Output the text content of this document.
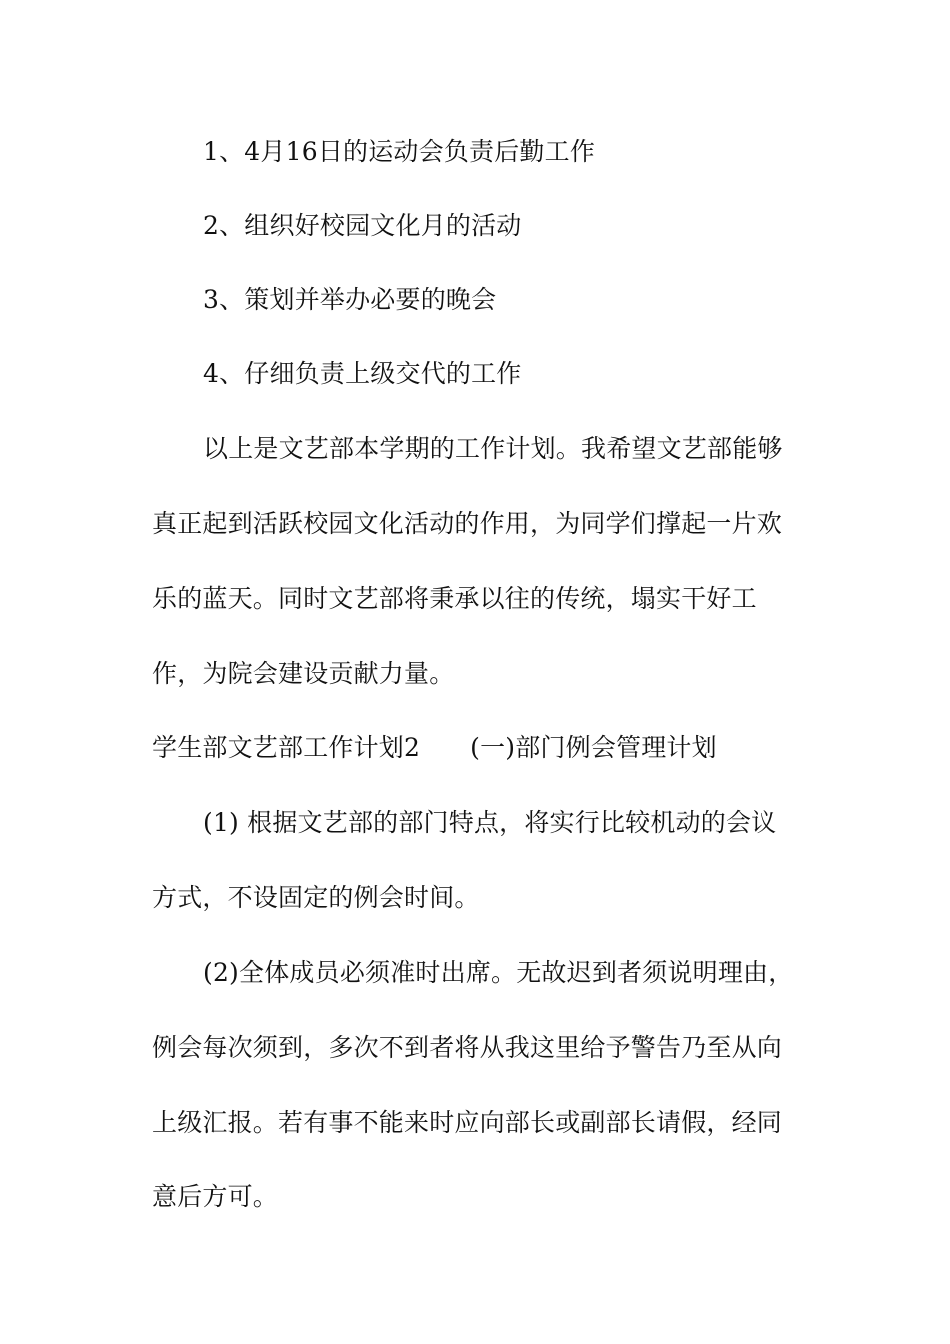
1、4月16日的运动会负责后勤工作
2、组织好校园文化月的活动
3、策划并举办必要的晚会
4、仔细负责上级交代的工作
以上是文艺部本学期的工作计划。我希望文艺部能够
真正起到活跃校园文化活动的作用，为同学们撑起一片欢
乐的蓝天。同时文艺部将秉承以往的传统，塌实干好工
作，为院会建设贡献力量。
学生部文艺部工作计划2 (一)部门例会管理计划
(1) 根据文艺部的部门特点，将实行比较机动的会议
方式，不设固定的例会时间。
(2)全体成员必须准时出席。无故迟到者须说明理由，
例会每次须到，多次不到者将从我这里给予警告乃至从向
上级汇报。若有事不能来时应向部长或副部长请假，经同
意后方可。
